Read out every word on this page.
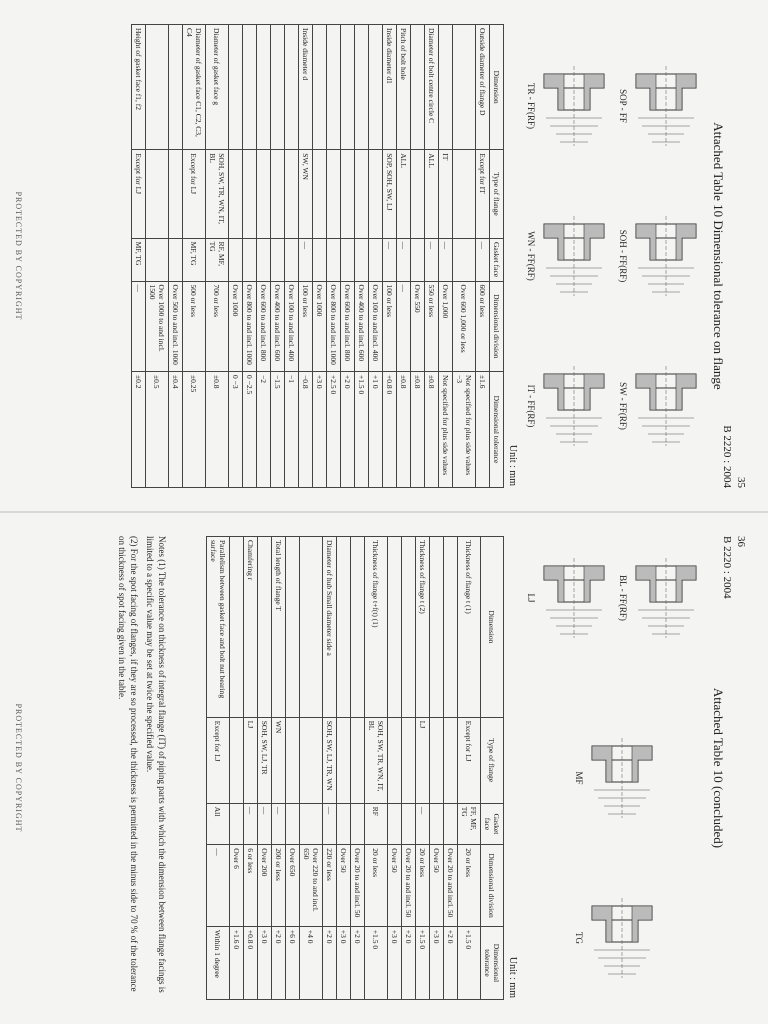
35
B 2220 : 2004
Attached Table 10 Dimensional tolerance on flange
SOP - FF
SOH - FF(RF)
SW - FF(RF)
TR - FF(RF)
WN - FF(RF)
IT - FF(RF)
Unit : mm
Dimension	Type of flange	Gasket face	Dimensional division	Dimensional tolerance
Outside diameter of flange D	Except for IT	—	600 or less	±1.6
			Over 600 1,000 or less	Not specified for plus side values −3
	IT	—	Over 1,000	Not specified for plus side values
Diameter of bolt centre circle C	ALL	—	550 or less	±0.8
			Over 550	±0.8
Pitch of bolt hole	ALL	—	—	±0.8
Inside diameter d1	SOP, SOH, SW, LJ	—	100 or less	+0.8 0
			Over 100 to and incl. 400	+1 0
			Over 400 to and incl. 600	+1.5 0
			Over 600 to and incl. 800	+2 0
			Over 800 to and incl. 1000	+2.5 0
			Over 1000	+3 0
Inside diameter d	SW, WN	—	100 or less	−0.8
			Over 100 to and incl. 400	−1
			Over 400 to and incl. 600	−1.5
			Over 600 to and incl. 800	−2
			Over 800 to and incl. 1000	0 −2.5
			Over 1000	0 −3
Diameter of gasket face g	SOH, SW, TR, WN, IT, BL	RF, MF, TG	700 or less	±0.8
Diameter of gasket face C1, C2, C3, C4	Except for LJ	MF, TG	500 or less	±0.25
			Over 500 to and incl. 1000	±0.4
			Over 1000 to and incl. 1500	±0.5
Height of gasket face f1, f2	Except for LJ	MF, TG	—	±0.2
PROTECTED BY COPYRIGHT
36
B 2220 : 2004
Attached Table 10 (concluded)
BL - FF(RF)
LJ
MF
TG
Unit : mm
Dimension	Type of flange	Gasket face	Dimensional division	Dimensional tolerance
Thickness of flange t (1)	Except for LJ	FF, MF, TG	20 or less	+1.5 0
			Over 20 to and incl. 50	+2 0
			Over 50	+3 0
Thickness of flange t (2)	LJ	—	20 or less	+1.5 0
			Over 20 to and incl. 50	+2 0
			Over 50	+3 0
Thickness of flange t+f(t) (1)	SOH, SW, TR, WN, IT, BL	RF	20 or less	+1.5 0
			Over 20 to and incl. 50	+2 0
			Over 50	+3 0
Diameter of hub Small diameter side a	SOH, SW, LJ, TR, WN	—	220 or less	+2 0
			Over 220 to and incl. 650	+4 0
			Over 650	+6 0
Total length of flange T	WN	—	200 or less	+2 0
	SOH, SW, LJ, TR	—	Over 200	+3 0
Chamfering r	LJ	—	6 or less	+0.8 0
			Over 6	+1.6 0
Parallelism between gasket face and bolt nut bearing surface	Except for LJ	All	—	Within 1 degree
Notes (1) The tolerance on thickness of integral flange (IT) of piping parts with which the dimension between flange facings is limited to a specific value may be set at twice the specified value.
(2) For the spot facing of flanges, if they are so processed, the thickness is permitted in the minus side to 70 % of the tolerance on thickness of spot facing given in the table.
PROTECTED BY COPYRIGHT
